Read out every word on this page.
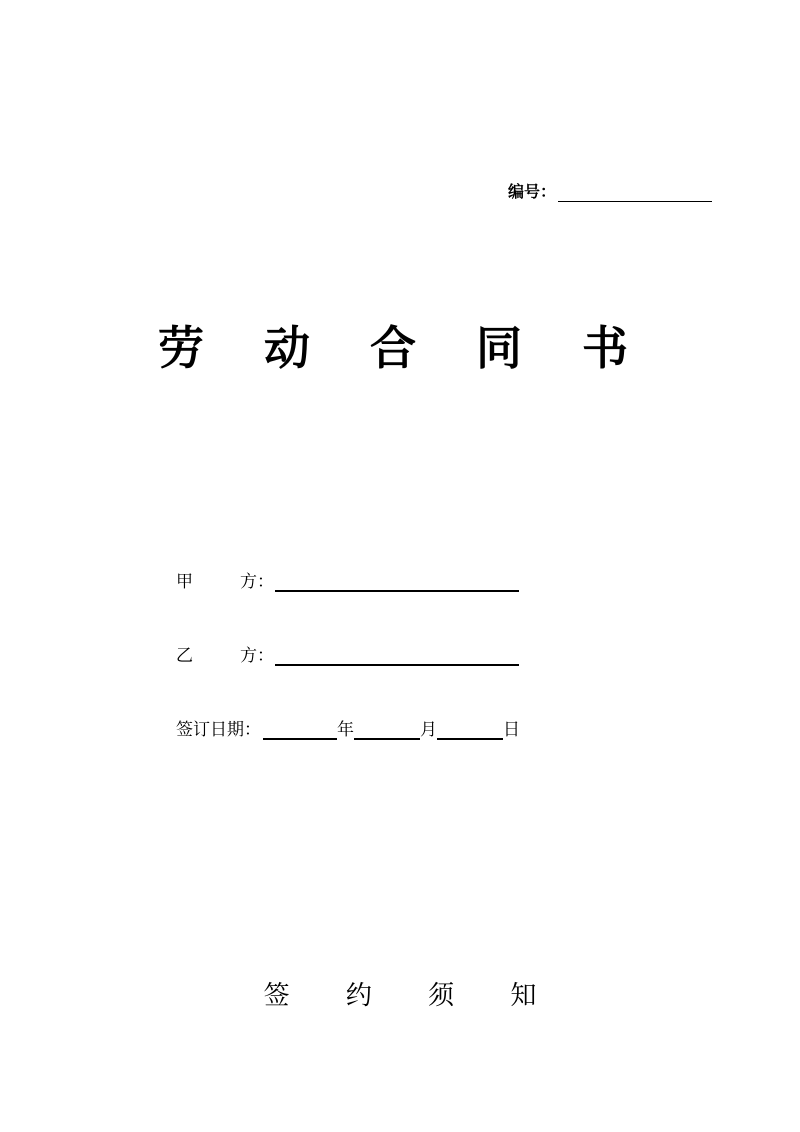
编号：
劳 动 合 同 书
甲	方 ：
乙	方 ：
签订日期：	年	月	日
签 约 须 知
